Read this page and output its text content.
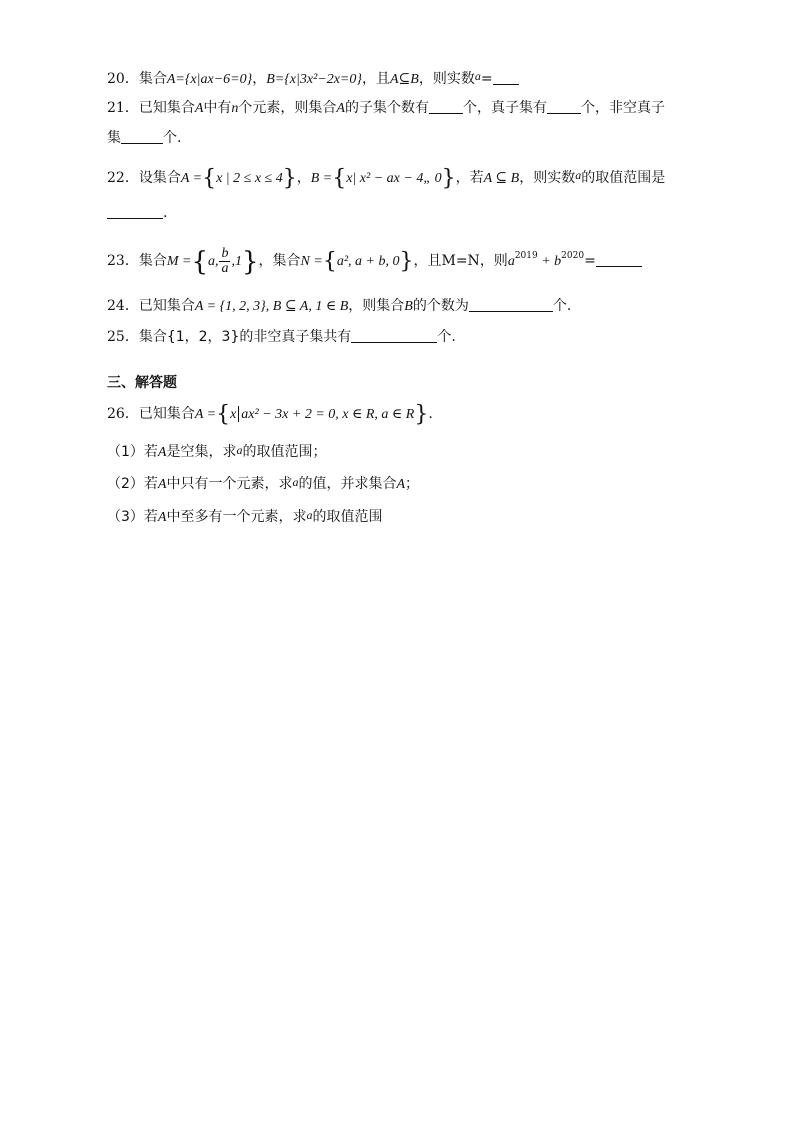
20．集合A={x|ax−6=0}，B={x|3x²−2x=0}，且A⊆B，则实数a=
21．已知集合A中有n个元素，则集合A的子集个数有 个，真子集有 个，非空真子
集	个.
22．设集合A ={x | 2 ≤ x ≤ 4}，B ={x| x² − ax − 4„ 0}，若A ⊆ B，则实数a的取值范围是
.
23．集合M ={a, $\frac{b}{a} ,1$}，集合N ={a², a + b, 0}，且M=N，则$a^{2019} + b^{2020}=$
24．已知集合A = {1, 2, 3}, B ⊆ A, 1 ∈ B，则集合B的个数为	个.
25．集合{1，2，3}的非空真子集共有	个.
三、解答题
26．已知集合A ={x ax² − 3x + 2 = 0, x ∈ R, a ∈ R}.
（1）若A是空集，求a的取值范围；
（2）若A中只有一个元素，求a的值，并求集合A；
（3）若A中至多有一个元素，求a的取值范围
